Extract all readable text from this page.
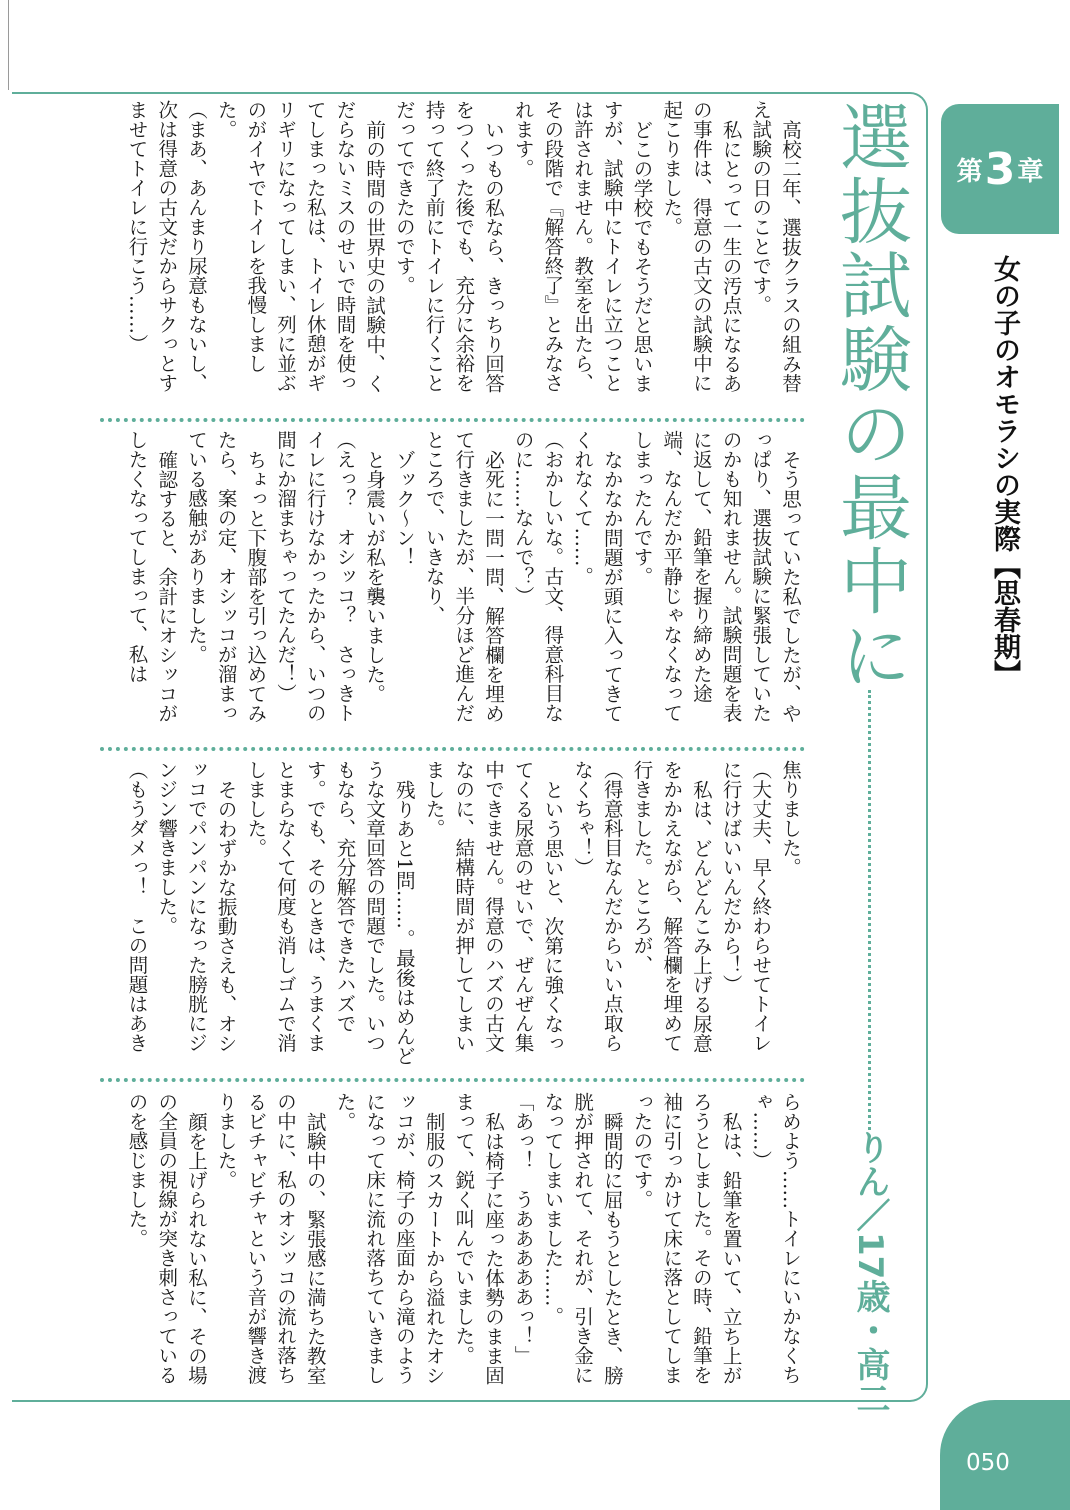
第 3 章
女の子のオモラシの実際【思春期】
選抜試験の最中に
りん／17歳・高二

高校二年、選抜クラスの組み替え試験の日のことです。

私にとって一生の汚点になるあの事件は、得意の古文の試験中に起こりました。

どこの学校でもそうだと思いますが、試験中にトイレに立つことは許されません。教室を出たら、その段階で『解答終了』とみなされます。

いつもの私なら、きっちり回答をつくった後でも、充分に余裕を持って終了前にトイレに行くことだってできたのです。

前の時間の世界史の試験中、くだらないミスのせいで時間を使ってしまった私は、トイレ休憩がギリギリになってしまい、列に並ぶのがイヤでトイレを我慢しました。

（まあ、あんまり尿意もないし、次は得意の古文だからサクっとすませてトイレに行こう……）

そう思っていた私でしたが、やっぱり、選抜試験に緊張していたのかも知れません。試験問題を表に返して、鉛筆を握り締めた途端、なんだか平静じゃなくなってしまったんです。

なかなか問題が頭に入ってきてくれなくて……。

（おかしいな。古文、得意科目なのに……なんで？）

必死に一問一問、解答欄を埋めて行きましたが、半分ほど進んだところで、いきなり、

ゾック〜ン！

と身震いが私を襲いました。

（えっ？　オシッコ？　さっきトイレに行けなかったから、いつの間にか溜まちゃってたんだ！）

ちょっと下腹部を引っ込めてみたら、案の定、オシッコが溜まっている感触がありました。

確認すると、余計にオシッコがしたくなってしまって、私は

焦りました。

（大丈夫、早く終わらせてトイレに行けばいいんだから！）

私は、どんどんこみ上げる尿意をかかえながら、解答欄を埋めて行きました。ところが、

（得意科目なんだからいい点取らなくちゃ！）

という思いと、次第に強くなってくる尿意のせいで、ぜんぜん集中できません。得意のハズの古文なのに、結構時間が押してしまいました。

残りあと1問……。最後はめんどうな文章回答の問題でした。いつもなら、充分解答できたハズです。でも、そのときは、うまくまとまらなくて何度も消しゴムで消しました。

そのわずかな振動さえも、オシッコでパンパンになった膀胱にジンジン響きました。

（もうダメっ！　この問題はあき

らめよう……トイレにいかなくちゃ……）

私は、鉛筆を置いて、立ち上がろうとしました。その時、鉛筆を袖に引っかけて床に落としてしまったのです。

瞬間的に屈もうとしたとき、膀胱が押されて、それが、引き金になってしまいました……。

「あっ！　うあああああっ！」

私は椅子に座った体勢のまま固まって、鋭く叫んでいました。

制服のスカートから溢れたオシッコが、椅子の座面から滝のようになって床に流れ落ちていきました。

試験中の、緊張感に満ちた教室の中に、私のオシッコの流れ落ちるビチャビチャという音が響き渡りました。

顔を上げられない私に、その場の全員の視線が突き刺さっているのを感じました。

050
